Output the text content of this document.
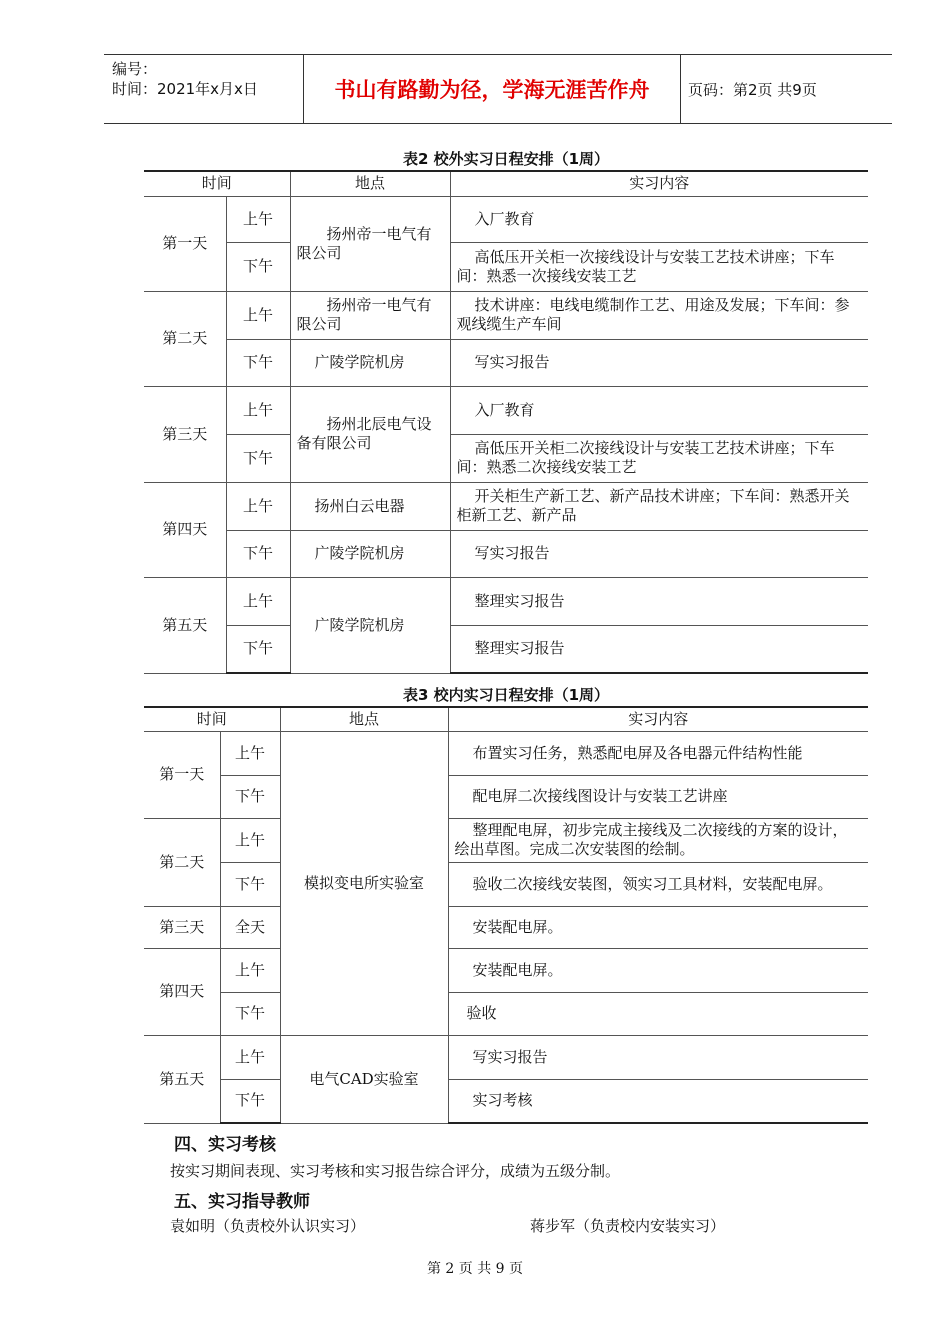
编号：
时间：2021年x月x日	书山有路勤为径，学海无涯苦作舟	页码：第2页 共9页
表2 校外实习日程安排（1周）
时间		地点	实习内容
第一天	上午	扬州帝一电气有限公司	入厂教育
	下午		高低压开关柜一次接线设计与安装工艺技术讲座；下车间：熟悉一次接线安装工艺
第二天	上午	扬州帝一电气有限公司	技术讲座：电线电缆制作工艺、用途及发展；下车间：参观线缆生产车间
	下午	广陵学院机房	写实习报告
第三天	上午	扬州北辰电气设备有限公司	入厂教育
	下午		高低压开关柜二次接线设计与安装工艺技术讲座；下车间：熟悉二次接线安装工艺
第四天	上午	扬州白云电器	开关柜生产新工艺、新产品技术讲座；下车间：熟悉开关柜新工艺、新产品
	下午	广陵学院机房	写实习报告
第五天	上午	广陵学院机房	整理实习报告
	下午		整理实习报告
表3 校内实习日程安排（1周）
时间		地点	实习内容
第一天	上午	模拟变电所实验室	布置实习任务，熟悉配电屏及各电器元件结构性能
	下午		配电屏二次接线图设计与安装工艺讲座
第二天	上午		整理配电屏，初步完成主接线及二次接线的方案的设计，绘出草图。完成二次安装图的绘制。
	下午		验收二次接线安装图，领实习工具材料，安装配电屏。
第三天	全天		安装配电屏。
第四天	上午		安装配电屏。
	下午		验收
第五天	上午	电气CAD实验室	写实习报告
	下午		实习考核
四、实习考核
按实习期间表现、实习考核和实习报告综合评分，成绩为五级分制。
五、实习指导教师
袁如明（负责校外认识实习）	蒋步军（负责校内安装实习）
第 2 页 共 9 页
